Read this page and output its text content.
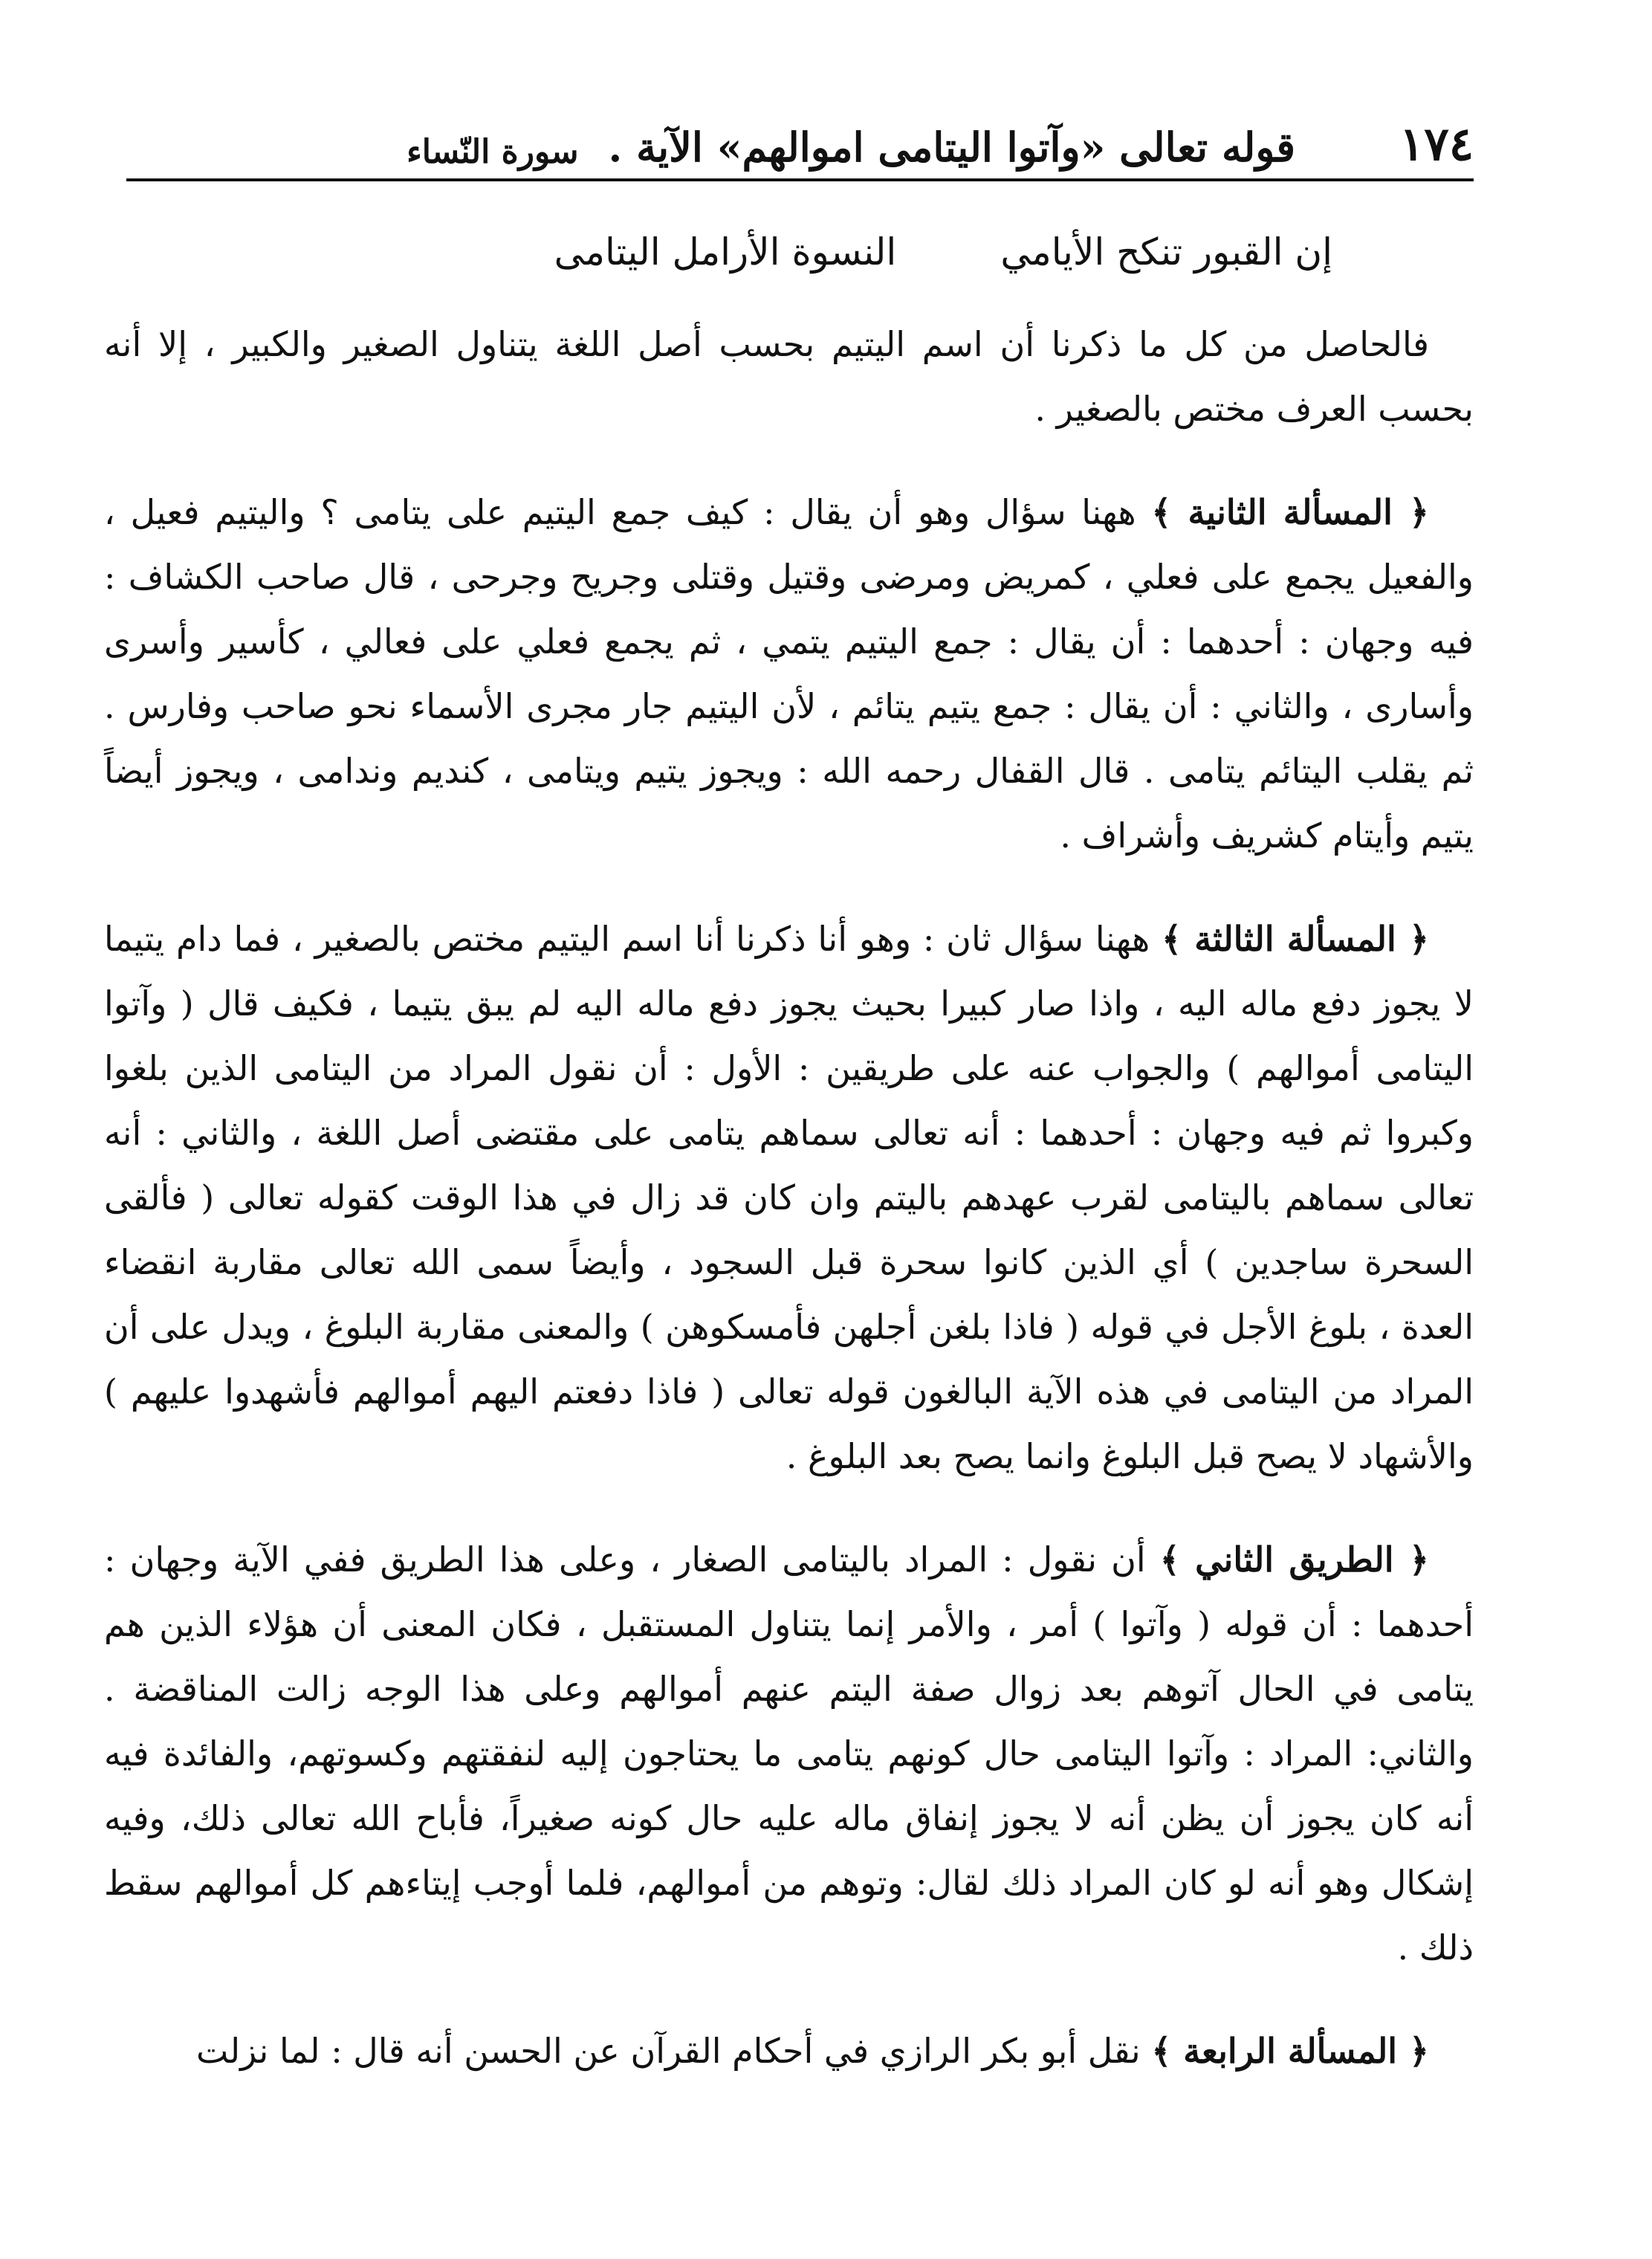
١٧٤
قوله تعالى «وآتوا اليتامى اموالهم» الآية .
سورة النّساء
إن القبور تنكح الأيامي
النسوة الأرامل اليتامى

فالحاصل من كل ما ذكرنا أن اسم اليتيم بحسب أصل اللغة يتناول الصغير والكبير ، إلا أنه بحسب العرف مختص بالصغير .

﴿ المسألة الثانية ﴾ ههنا سؤال وهو أن يقال : كيف جمع اليتيم على يتامى ؟ واليتيم فعيل ، والفعيل يجمع على فعلي ، كمريض ومرضى وقتيل وقتلى وجريح وجرحى ، قال صاحب الكشاف : فيه وجهان : أحدهما : أن يقال : جمع اليتيم يتمي ، ثم يجمع فعلي على فعالي ، كأسير وأسرى وأسارى ، والثاني : أن يقال : جمع يتيم يتائم ، لأن اليتيم جار مجرى الأسماء نحو صاحب وفارس . ثم يقلب اليتائم يتامى . قال القفال رحمه الله : ويجوز يتيم ويتامى ، كنديم وندامى ، ويجوز أيضاً يتيم وأيتام كشريف وأشراف .

﴿ المسألة الثالثة ﴾ ههنا سؤال ثان : وهو أنا ذكرنا أنا اسم اليتيم مختص بالصغير ، فما دام يتيما لا يجوز دفع ماله اليه ، واذا صار كبيرا بحيث يجوز دفع ماله اليه لم يبق يتيما ، فكيف قال ( وآتوا اليتامى أموالهم ) والجواب عنه على طريقين : الأول : أن نقول المراد من اليتامى الذين بلغوا وكبروا ثم فيه وجهان : أحدهما : أنه تعالى سماهم يتامى على مقتضى أصل اللغة ، والثاني : أنه تعالى سماهم باليتامى لقرب عهدهم باليتم وان كان قد زال في هذا الوقت كقوله تعالى ( فألقى السحرة ساجدين ) أي الذين كانوا سحرة قبل السجود ، وأيضاً سمى الله تعالى مقاربة انقضاء العدة ، بلوغ الأجل في قوله ( فاذا بلغن أجلهن فأمسكوهن ) والمعنى مقاربة البلوغ ، ويدل على أن المراد من اليتامى في هذه الآية البالغون قوله تعالى ( فاذا دفعتم اليهم أموالهم فأشهدوا عليهم ) والأشهاد لا يصح قبل البلوغ وانما يصح بعد البلوغ .

﴿ الطريق الثاني ﴾ أن نقول : المراد باليتامى الصغار ، وعلى هذا الطريق ففي الآية وجهان : أحدهما : أن قوله ( وآتوا ) أمر ، والأمر إنما يتناول المستقبل ، فكان المعنى أن هؤلاء الذين هم يتامى في الحال آتوهم بعد زوال صفة اليتم عنهم أموالهم وعلى هذا الوجه زالت المناقضة . والثاني: المراد : وآتوا اليتامى حال كونهم يتامى ما يحتاجون إليه لنفقتهم وكسوتهم، والفائدة فيه أنه كان يجوز أن يظن أنه لا يجوز إنفاق ماله عليه حال كونه صغيراً، فأباح الله تعالى ذلك، وفيه إشكال وهو أنه لو كان المراد ذلك لقال: وتوهم من أموالهم، فلما أوجب إيتاءهم كل أموالهم سقط ذلك .

﴿ المسألة الرابعة ﴾ نقل أبو بكر الرازي في أحكام القرآن عن الحسن أنه قال : لما نزلت
